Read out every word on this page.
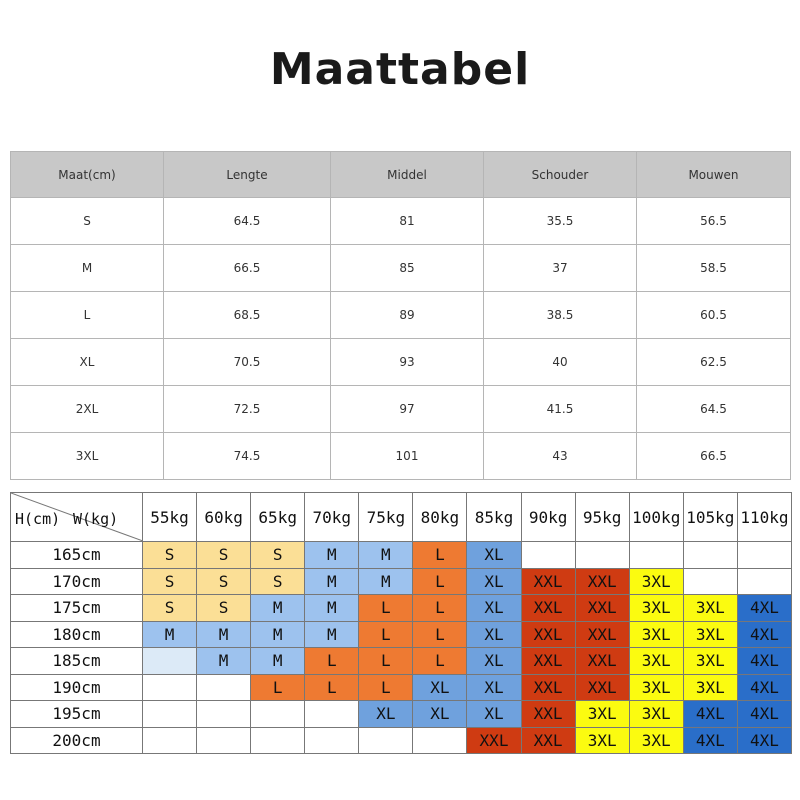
Maattabel
Maat(cm)	Lengte	Middel	Schouder	Mouwen
S	64.5	81	35.5	56.5
M	66.5	85	37	58.5
L	68.5	89	38.5	60.5
XL	70.5	93	40	62.5
2XL	72.5	97	41.5	64.5
3XL	74.5	101	43	66.5
H(cm) W(kg)	55kg	60kg	65kg	70kg	75kg	80kg	85kg	90kg	95kg	100kg	105kg	110kg
165cm	S	S	S	M	M	L	XL					
170cm	S	S	S	M	M	L	XL	XXL	XXL	3XL		
175cm	S	S	M	M	L	L	XL	XXL	XXL	3XL	3XL	4XL
180cm	M	M	M	M	L	L	XL	XXL	XXL	3XL	3XL	4XL
185cm		M	M	L	L	L	XL	XXL	XXL	3XL	3XL	4XL
190cm			L	L	L	XL	XL	XXL	XXL	3XL	3XL	4XL
195cm					XL	XL	XL	XXL	3XL	3XL	4XL	4XL
200cm							XXL	XXL	3XL	3XL	4XL	4XL
